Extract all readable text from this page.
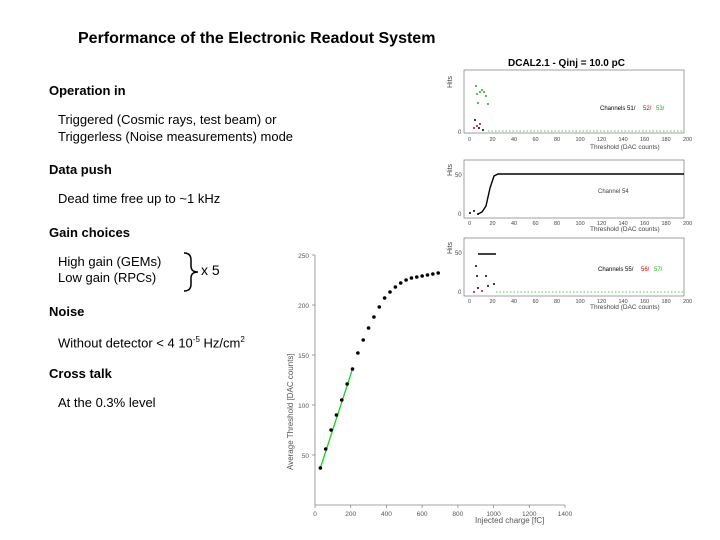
Performance of the Electronic Readout System
Operation in
Triggered (Cosmic rays, test beam) or
Triggerless (Noise measurements) mode
Data push
Dead time free up to ~1 kHz
Gain choices
High gain (GEMs)
Low gain (RPCs)	x 5
Noise
Without detector < 4 $10^{-5}$ $Hz/cm^2$
Cross talk
At the 0.3% level
DCAL2.1 - Qinj = 10.0 pC
Hits
0
Channels 51/ 52/ 53/
0	20	40	60	80	100 120 140 160 180 200
Threshold (DAC counts)
Hits 50
0
Channel 54
0	20	40	60	80	100 120 140 160 180 200
Threshold (DAC counts)
Hits 50
0
Channels 55/ 56/ 57/
0	20	40	60	80	100 120 140 160 180 200
Threshold (DAC counts)
Average Threshold [DAC counts]
Injected charge [fC]
50
100
150
200
250
0	200	400	600	800	1000	1200	1400
